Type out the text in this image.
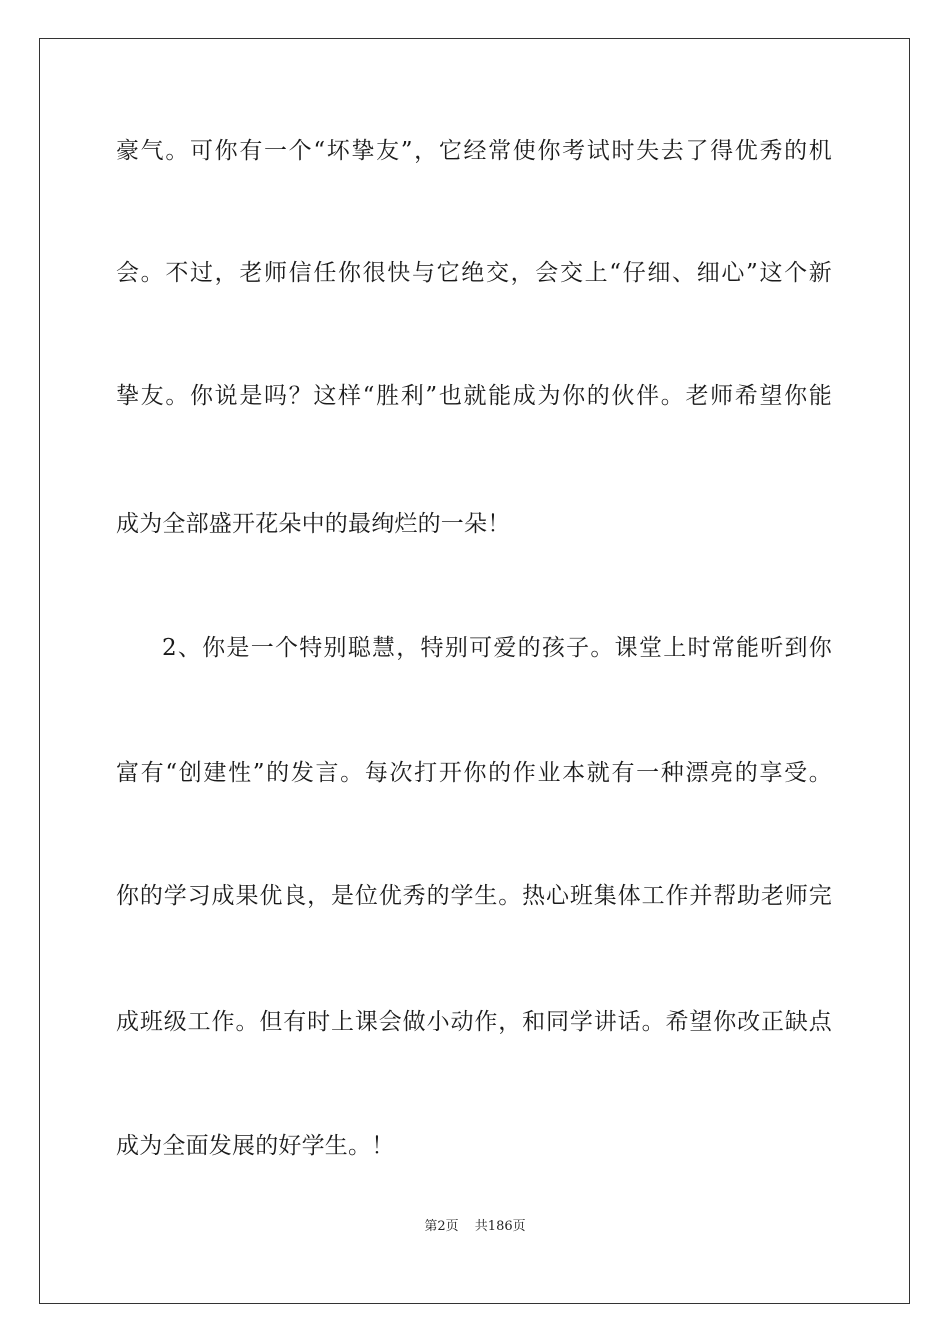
豪气。可你有一个“坏挚友”，它经常使你考试时失去了得优秀的机
会。不过，老师信任你很快与它绝交，会交上“仔细、细心”这个新
挚友。你说是吗？这样“胜利”也就能成为你的伙伴。老师希望你能
成为全部盛开花朵中的最绚烂的一朵！
2、你是一个特别聪慧，特别可爱的孩子。课堂上时常能听到你
富有“创建性”的发言。每次打开你的作业本就有一种漂亮的享受。
你的学习成果优良，是位优秀的学生。热心班集体工作并帮助老师完
成班级工作。但有时上课会做小动作，和同学讲话。希望你改正缺点
成为全面发展的好学生。！
第2页 共186页
